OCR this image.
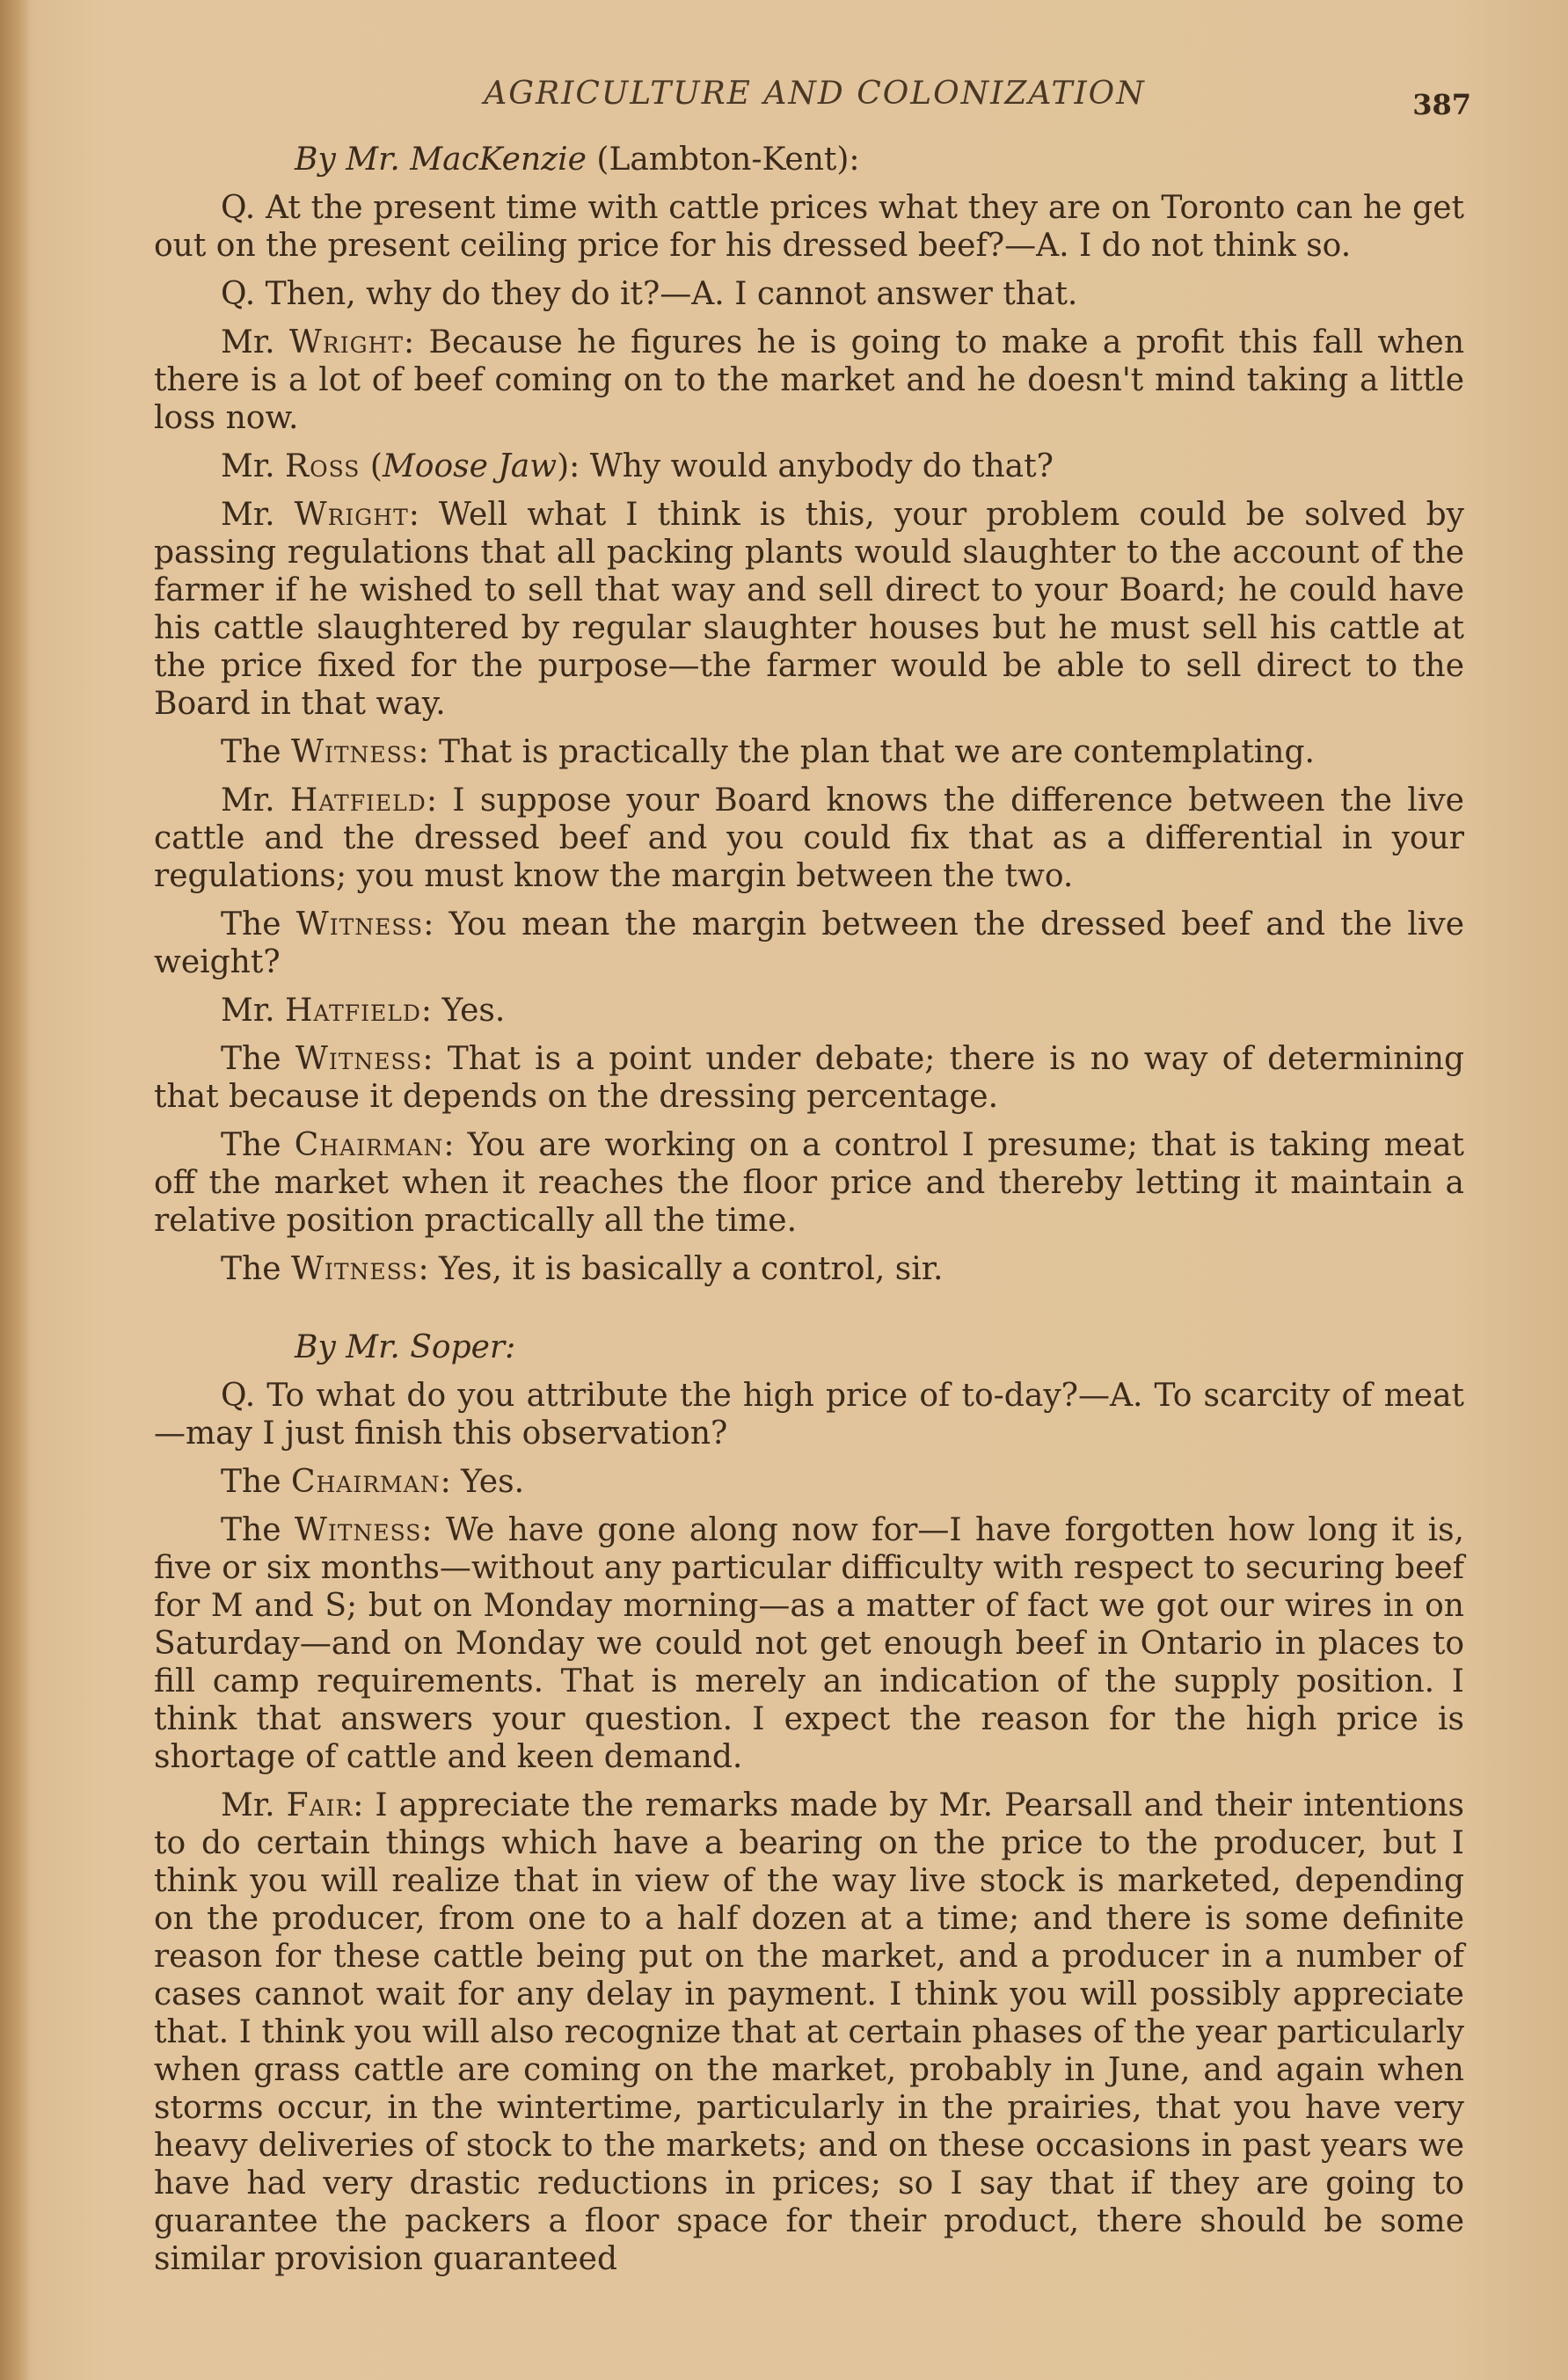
AGRICULTURE AND COLONIZATION	387
By Mr. MacKenzie (Lambton-Kent):

Q. At the present time with cattle prices what they are on Toronto can he get out on the present ceiling price for his dressed beef?—A. I do not think so.

Q. Then, why do they do it?—A. I cannot answer that.

Mr. Wright: Because he figures he is going to make a profit this fall when there is a lot of beef coming on to the market and he doesn't mind taking a little loss now.

Mr. Ross (Moose Jaw): Why would anybody do that?

Mr. Wright: Well what I think is this, your problem could be solved by passing regulations that all packing plants would slaughter to the account of the farmer if he wished to sell that way and sell direct to your Board; he could have his cattle slaughtered by regular slaughter houses but he must sell his cattle at the price fixed for the purpose—the farmer would be able to sell direct to the Board in that way.

The Witness: That is practically the plan that we are contemplating.

Mr. Hatfield: I suppose your Board knows the difference between the live cattle and the dressed beef and you could fix that as a differential in your regulations; you must know the margin between the two.

The Witness: You mean the margin between the dressed beef and the live weight?

Mr. Hatfield: Yes.

The Witness: That is a point under debate; there is no way of determining that because it depends on the dressing percentage.

The Chairman: You are working on a control I presume; that is taking meat off the market when it reaches the floor price and thereby letting it maintain a relative position practically all the time.

The Witness: Yes, it is basically a control, sir.

By Mr. Soper:

Q. To what do you attribute the high price of to-day?—A. To scarcity of meat—may I just finish this observation?

The Chairman: Yes.

The Witness: We have gone along now for—I have forgotten how long it is, five or six months—without any particular difficulty with respect to securing beef for M and S; but on Monday morning—as a matter of fact we got our wires in on Saturday—and on Monday we could not get enough beef in Ontario in places to fill camp requirements. That is merely an indication of the supply position. I think that answers your question. I expect the reason for the high price is shortage of cattle and keen demand.

Mr. Fair: I appreciate the remarks made by Mr. Pearsall and their intentions to do certain things which have a bearing on the price to the producer, but I think you will realize that in view of the way live stock is marketed, depending on the producer, from one to a half dozen at a time; and there is some definite reason for these cattle being put on the market, and a producer in a number of cases cannot wait for any delay in payment. I think you will possibly appreciate that. I think you will also recognize that at certain phases of the year particularly when grass cattle are coming on the market, probably in June, and again when storms occur, in the wintertime, particularly in the prairies, that you have very heavy deliveries of stock to the markets; and on these occasions in past years we have had very drastic reductions in prices; so I say that if they are going to guarantee the packers a floor space for their product, there should be some similar provision guaranteed
